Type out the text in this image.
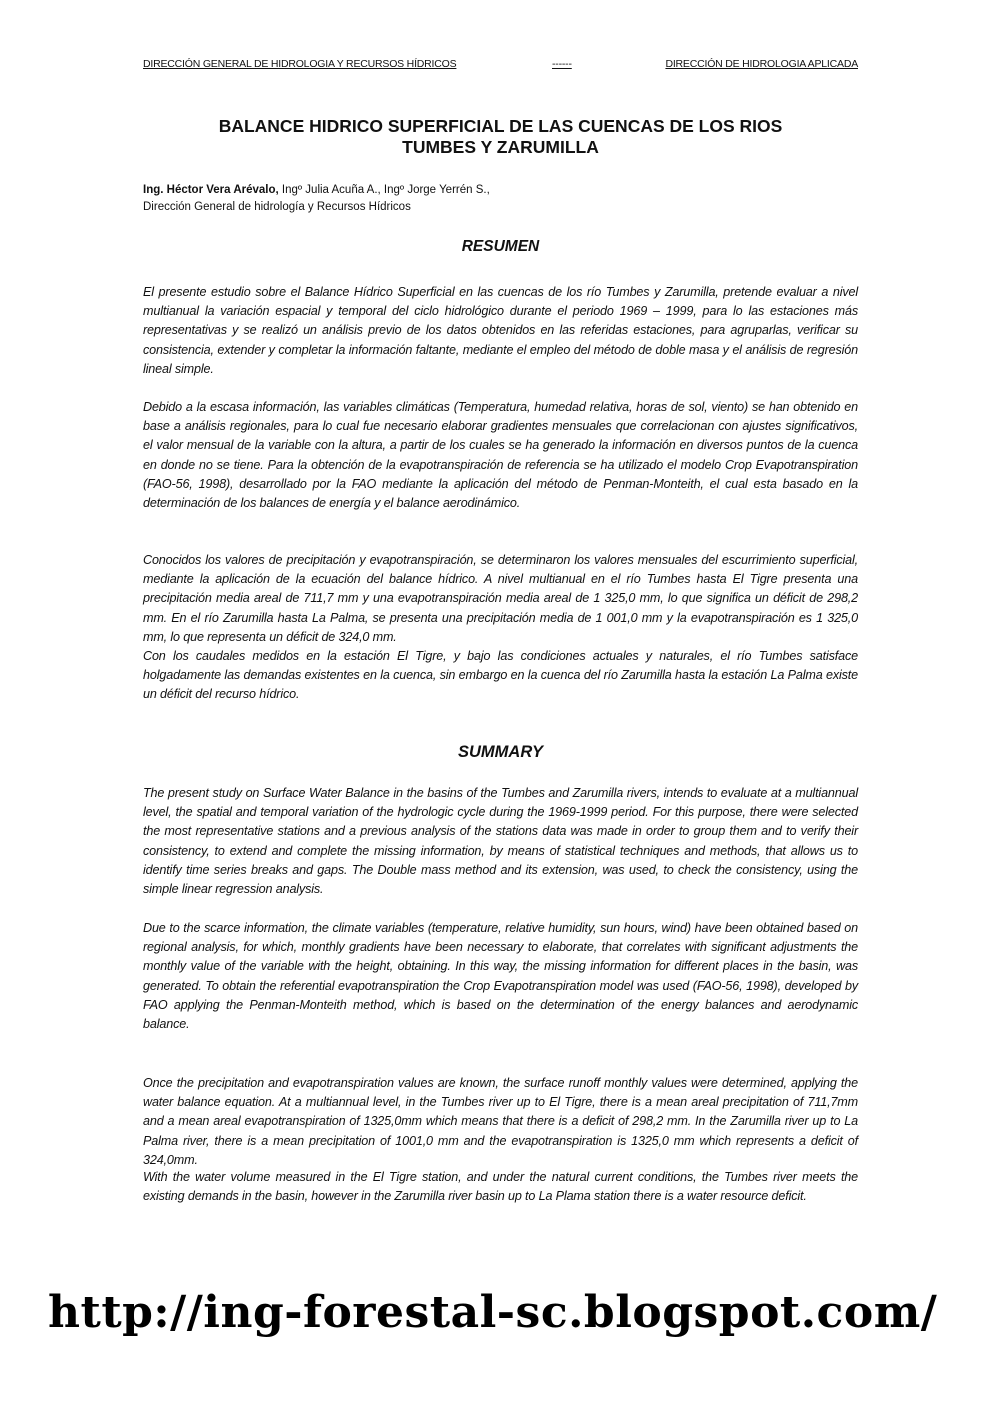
DIRECCIÓN GENERAL DE HIDROLOGIA Y RECURSOS HÍDRICOS	------	DIRECCIÓN DE HIDROLOGIA APLICADA
BALANCE HIDRICO SUPERFICIAL DE LAS CUENCAS DE LOS RIOS
TUMBES Y ZARUMILLA
Ing. Héctor Vera Arévalo, Ingº Julia Acuña A., Ingº Jorge Yerrén S.,
Dirección General de hidrología y Recursos Hídricos
RESUMEN

El presente estudio sobre el Balance Hídrico Superficial en las cuencas de los río Tumbes y Zarumilla, pretende evaluar a nivel multianual la variación espacial y temporal del ciclo hidrológico durante el periodo 1969 – 1999, para lo las estaciones más representativas y se realizó un análisis previo de los datos obtenidos en las referidas estaciones, para agruparlas, verificar su consistencia, extender y completar la información faltante, mediante el empleo del método de doble masa y el análisis de regresión lineal simple.

Debido a la escasa información, las variables climáticas (Temperatura, humedad relativa, horas de sol, viento) se han obtenido en base a análisis regionales, para lo cual fue necesario elaborar gradientes mensuales que correlacionan con ajustes significativos, el valor mensual de la variable con la altura, a partir de los cuales se ha generado la información en diversos puntos de la cuenca en donde no se tiene. Para la obtención de la evapotranspiración de referencia se ha utilizado el modelo Crop Evapotranspiration (FAO-56, 1998), desarrollado por la FAO mediante la aplicación del método de Penman-Monteith, el cual esta basado en la determinación de los balances de energía y el balance aerodinámico.

Conocidos los valores de precipitación y evapotranspiración, se determinaron los valores mensuales del escurrimiento superficial, mediante la aplicación de la ecuación del balance hídrico. A nivel multianual en el río Tumbes hasta El Tigre presenta una precipitación media areal de 711,7 mm y una evapotranspiración media areal de 1 325,0 mm, lo que significa un déficit de 298,2 mm. En el río Zarumilla hasta La Palma, se presenta una precipitación media de 1 001,0 mm y la evapotranspiración es 1 325,0 mm, lo que representa un déficit de 324,0 mm.

Con los caudales medidos en la estación El Tigre, y bajo las condiciones actuales y naturales, el río Tumbes satisface holgadamente las demandas existentes en la cuenca, sin embargo en la cuenca del río Zarumilla hasta la estación La Palma existe un déficit del recurso hídrico.

SUMMARY

The present study on Surface Water Balance in the basins of the Tumbes and Zarumilla rivers, intends to evaluate at a multiannual level, the spatial and temporal variation of the hydrologic cycle during the 1969-1999 period. For this purpose, there were selected the most representative stations and a previous analysis of the stations data was made in order to group them and to verify their consistency, to extend and complete the missing information, by means of statistical techniques and methods, that allows us to identify time series breaks and gaps. The Double mass method and its extension, was used, to check the consistency, using the simple linear regression analysis.

Due to the scarce information, the climate variables (temperature, relative humidity, sun hours, wind) have been obtained based on regional analysis, for which, monthly gradients have been necessary to elaborate, that correlates with significant adjustments the monthly value of the variable with the height, obtaining. In this way, the missing information for different places in the basin, was generated. To obtain the referential evapotranspiration the Crop Evapotranspiration model was used (FAO-56, 1998), developed by FAO applying the Penman-Monteith method, which is based on the determination of the energy balances and aerodynamic balance.

Once the precipitation and evapotranspiration values are known, the surface runoff monthly values were determined, applying the water balance equation. At a multiannual level, in the Tumbes river up to El Tigre, there is a mean areal precipitation of 711,7mm and a mean areal evapotranspiration of 1325,0mm which means that there is a deficit of 298,2 mm. In the Zarumilla river up to La Palma river, there is a mean precipitation of 1001,0 mm and the evapotranspiration is 1325,0 mm which represents a deficit of 324,0mm.

With the water volume measured in the El Tigre station, and under the natural current conditions, the Tumbes river meets the existing demands in the basin, however in the Zarumilla river basin up to La Plama station there is a water resource deficit.

http://ing-forestal-sc.blogspot.com/
